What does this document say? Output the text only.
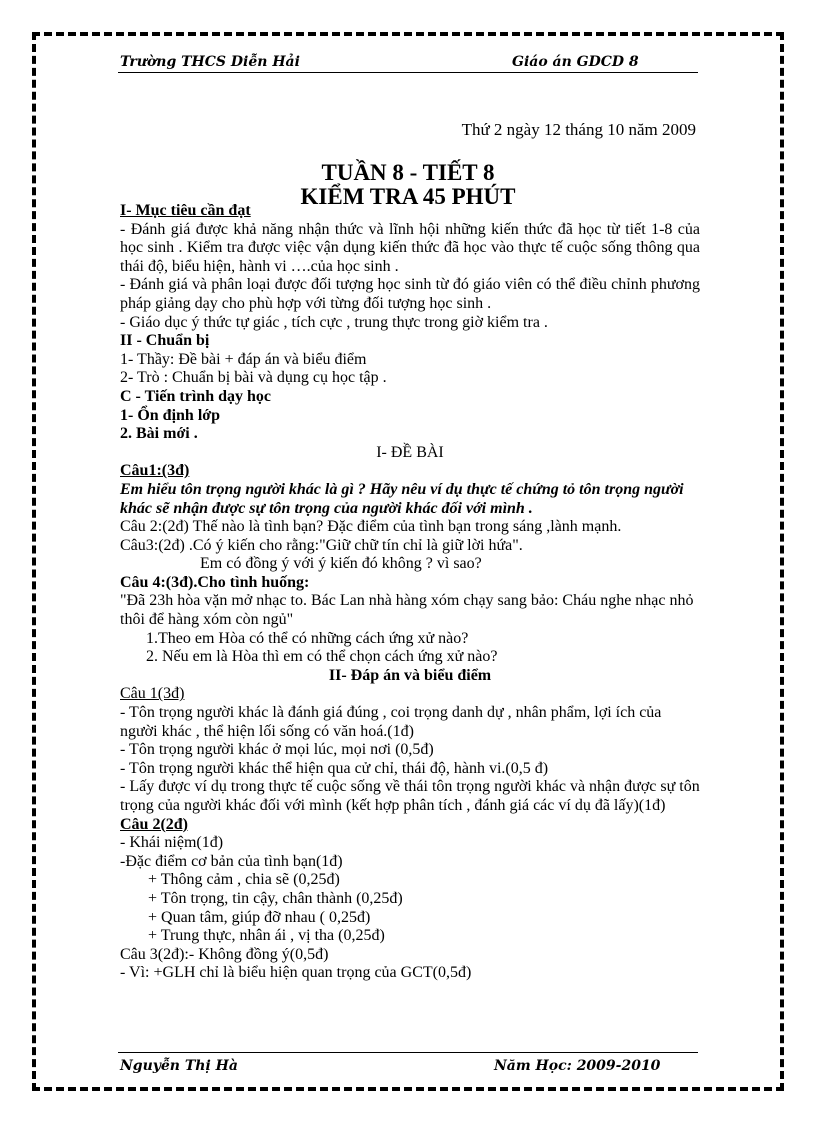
Trường THCS Diễn Hải	Giáo án GDCD 8
Thứ 2 ngày 12 tháng 10 năm 2009
TUẦN 8 - TIẾT 8
KIỂM TRA 45 PHÚT

I- Mục tiêu cần đạt

- Đánh giá được khả năng nhận thức và lĩnh hội những kiến thức đã học từ tiết 1-8 của học sinh . Kiểm tra được việc vận dụng kiến thức đã học vào thực tế cuộc sống thông qua thái độ, biểu hiện, hành vi ….của học sinh .

- Đánh giá và phân loại được đối tượng học sinh từ đó giáo viên có thể điều chỉnh phương pháp giảng dạy cho phù hợp với từng đối tượng học sinh .

- Giáo dục ý thức tự giác , tích cực , trung thực trong giờ kiểm tra .

II - Chuẩn bị

1- Thầy: Đề bài + đáp án và biểu điểm

2- Trò : Chuẩn bị bài và dụng cụ học tập .

C - Tiến trình dạy học

1- Ổn định lớp

2. Bài mới .

I- ĐỀ BÀI

Câu1:(3đ)

Em hiểu tôn trọng người khác là gì ? Hãy nêu ví dụ thực tế chứng tỏ tôn trọng người khác sẽ nhận được sự tôn trọng của người khác đối với mình .

Câu 2:(2đ) Thế nào là tình bạn? Đặc điểm của tình bạn trong sáng ,lành mạnh.

Câu3:(2đ) .Có ý kiến cho rằng:"Giữ chữ tín chỉ là giữ lời hứa".

Em có đồng ý với ý kiến đó không ? vì sao?

Câu 4:(3đ).Cho tình huống:

"Đã 23h hòa vặn mở nhạc to. Bác Lan nhà hàng xóm chạy sang bảo: Cháu nghe nhạc nhỏ thôi để hàng xóm còn ngủ"

1.Theo em Hòa có thể có những cách ứng xử nào?

2. Nếu em là Hòa thì em có thể chọn cách ứng xử nào?

II- Đáp án và biểu điểm

Câu 1(3đ)

- Tôn trọng người khác là đánh giá đúng , coi trọng danh dự , nhân phẩm, lợi ích của người khác , thể hiện lối sống có văn hoá.(1đ)

- Tôn trọng người khác ở mọi lúc, mọi nơi (0,5đ)

- Tôn trọng người khác thể hiện qua cử chỉ, thái độ, hành vi.(0,5 đ)

- Lấy được ví dụ trong thực tế cuộc sống về thái tôn trọng người khác và nhận được sự tôn trọng của người khác đối với mình (kết hợp phân tích , đánh giá các ví dụ đã lấy)(1đ)

Câu 2(2đ)

- Khái niệm(1đ)

-Đặc điểm cơ bản của tình bạn(1đ)

+ Thông cảm , chia sẽ (0,25đ)

+ Tôn trọng, tin cậy, chân thành (0,25đ)

+ Quan tâm, giúp đỡ nhau ( 0,25đ)

+ Trung thực, nhân ái , vị tha (0,25đ)

Câu 3(2đ):- Không đồng ý(0,5đ)

- Vì: +GLH chỉ là biểu hiện quan trọng của GCT(0,5đ)

Nguyễn Thị Hà	Năm Học: 2009-2010
